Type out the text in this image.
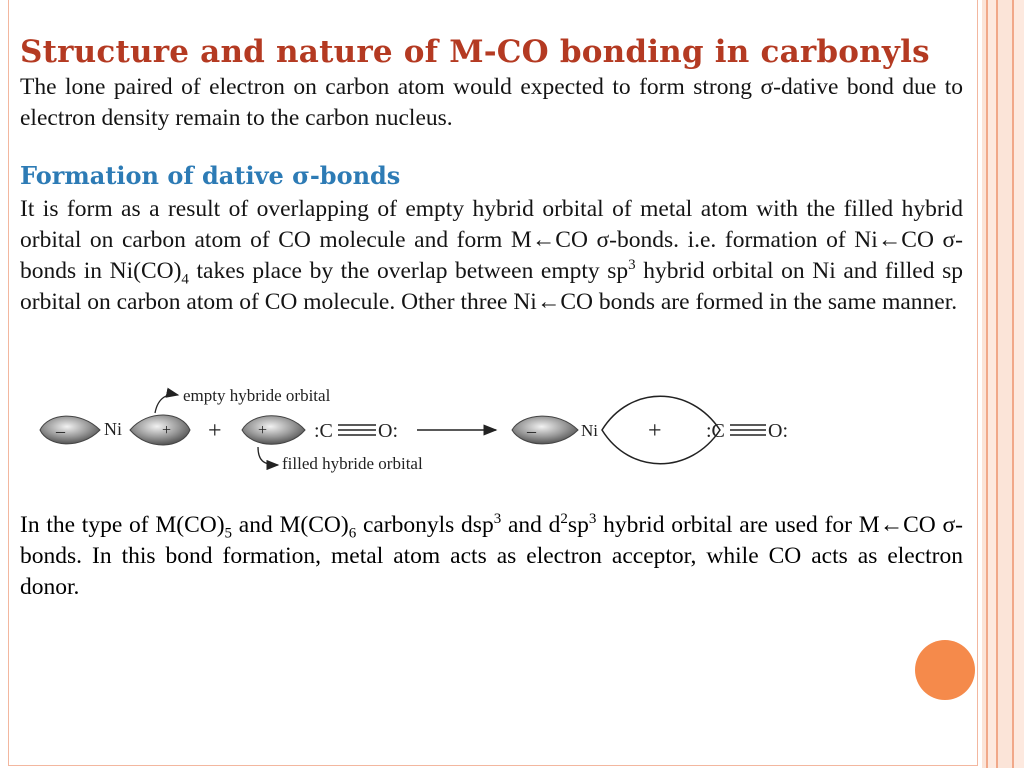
Structure and nature of M-CO bonding in carbonyls

The lone paired of electron on carbon atom would expected to form strong σ-dative bond due to electron density remain to the carbon nucleus.

Formation of dative σ-bonds

It is form as a result of overlapping of empty hybrid orbital of metal atom with the filled hybrid orbital on carbon atom of CO molecule and form M←CO σ-bonds. i.e. formation of Ni←CO σ-bonds in $Ni(CO)_4$ takes place by the overlap between empty $sp^3$ hybrid orbital on Ni and filled sp orbital on carbon atom of CO molecule. Other three Ni←CO bonds are formed in the same manner.

– Ni	+
empty hybride orbital
+ + :C O:
filled hybride orbital
–	Ni + :C O:

In the type of $M(CO)_5$ and $M(CO)_6$ carbonyls dsp$^3$ and $d^2sp^3$ hybrid orbital are used for M←CO σ-bonds. In this bond formation, metal atom acts as electron acceptor, while CO acts as electron donor.
